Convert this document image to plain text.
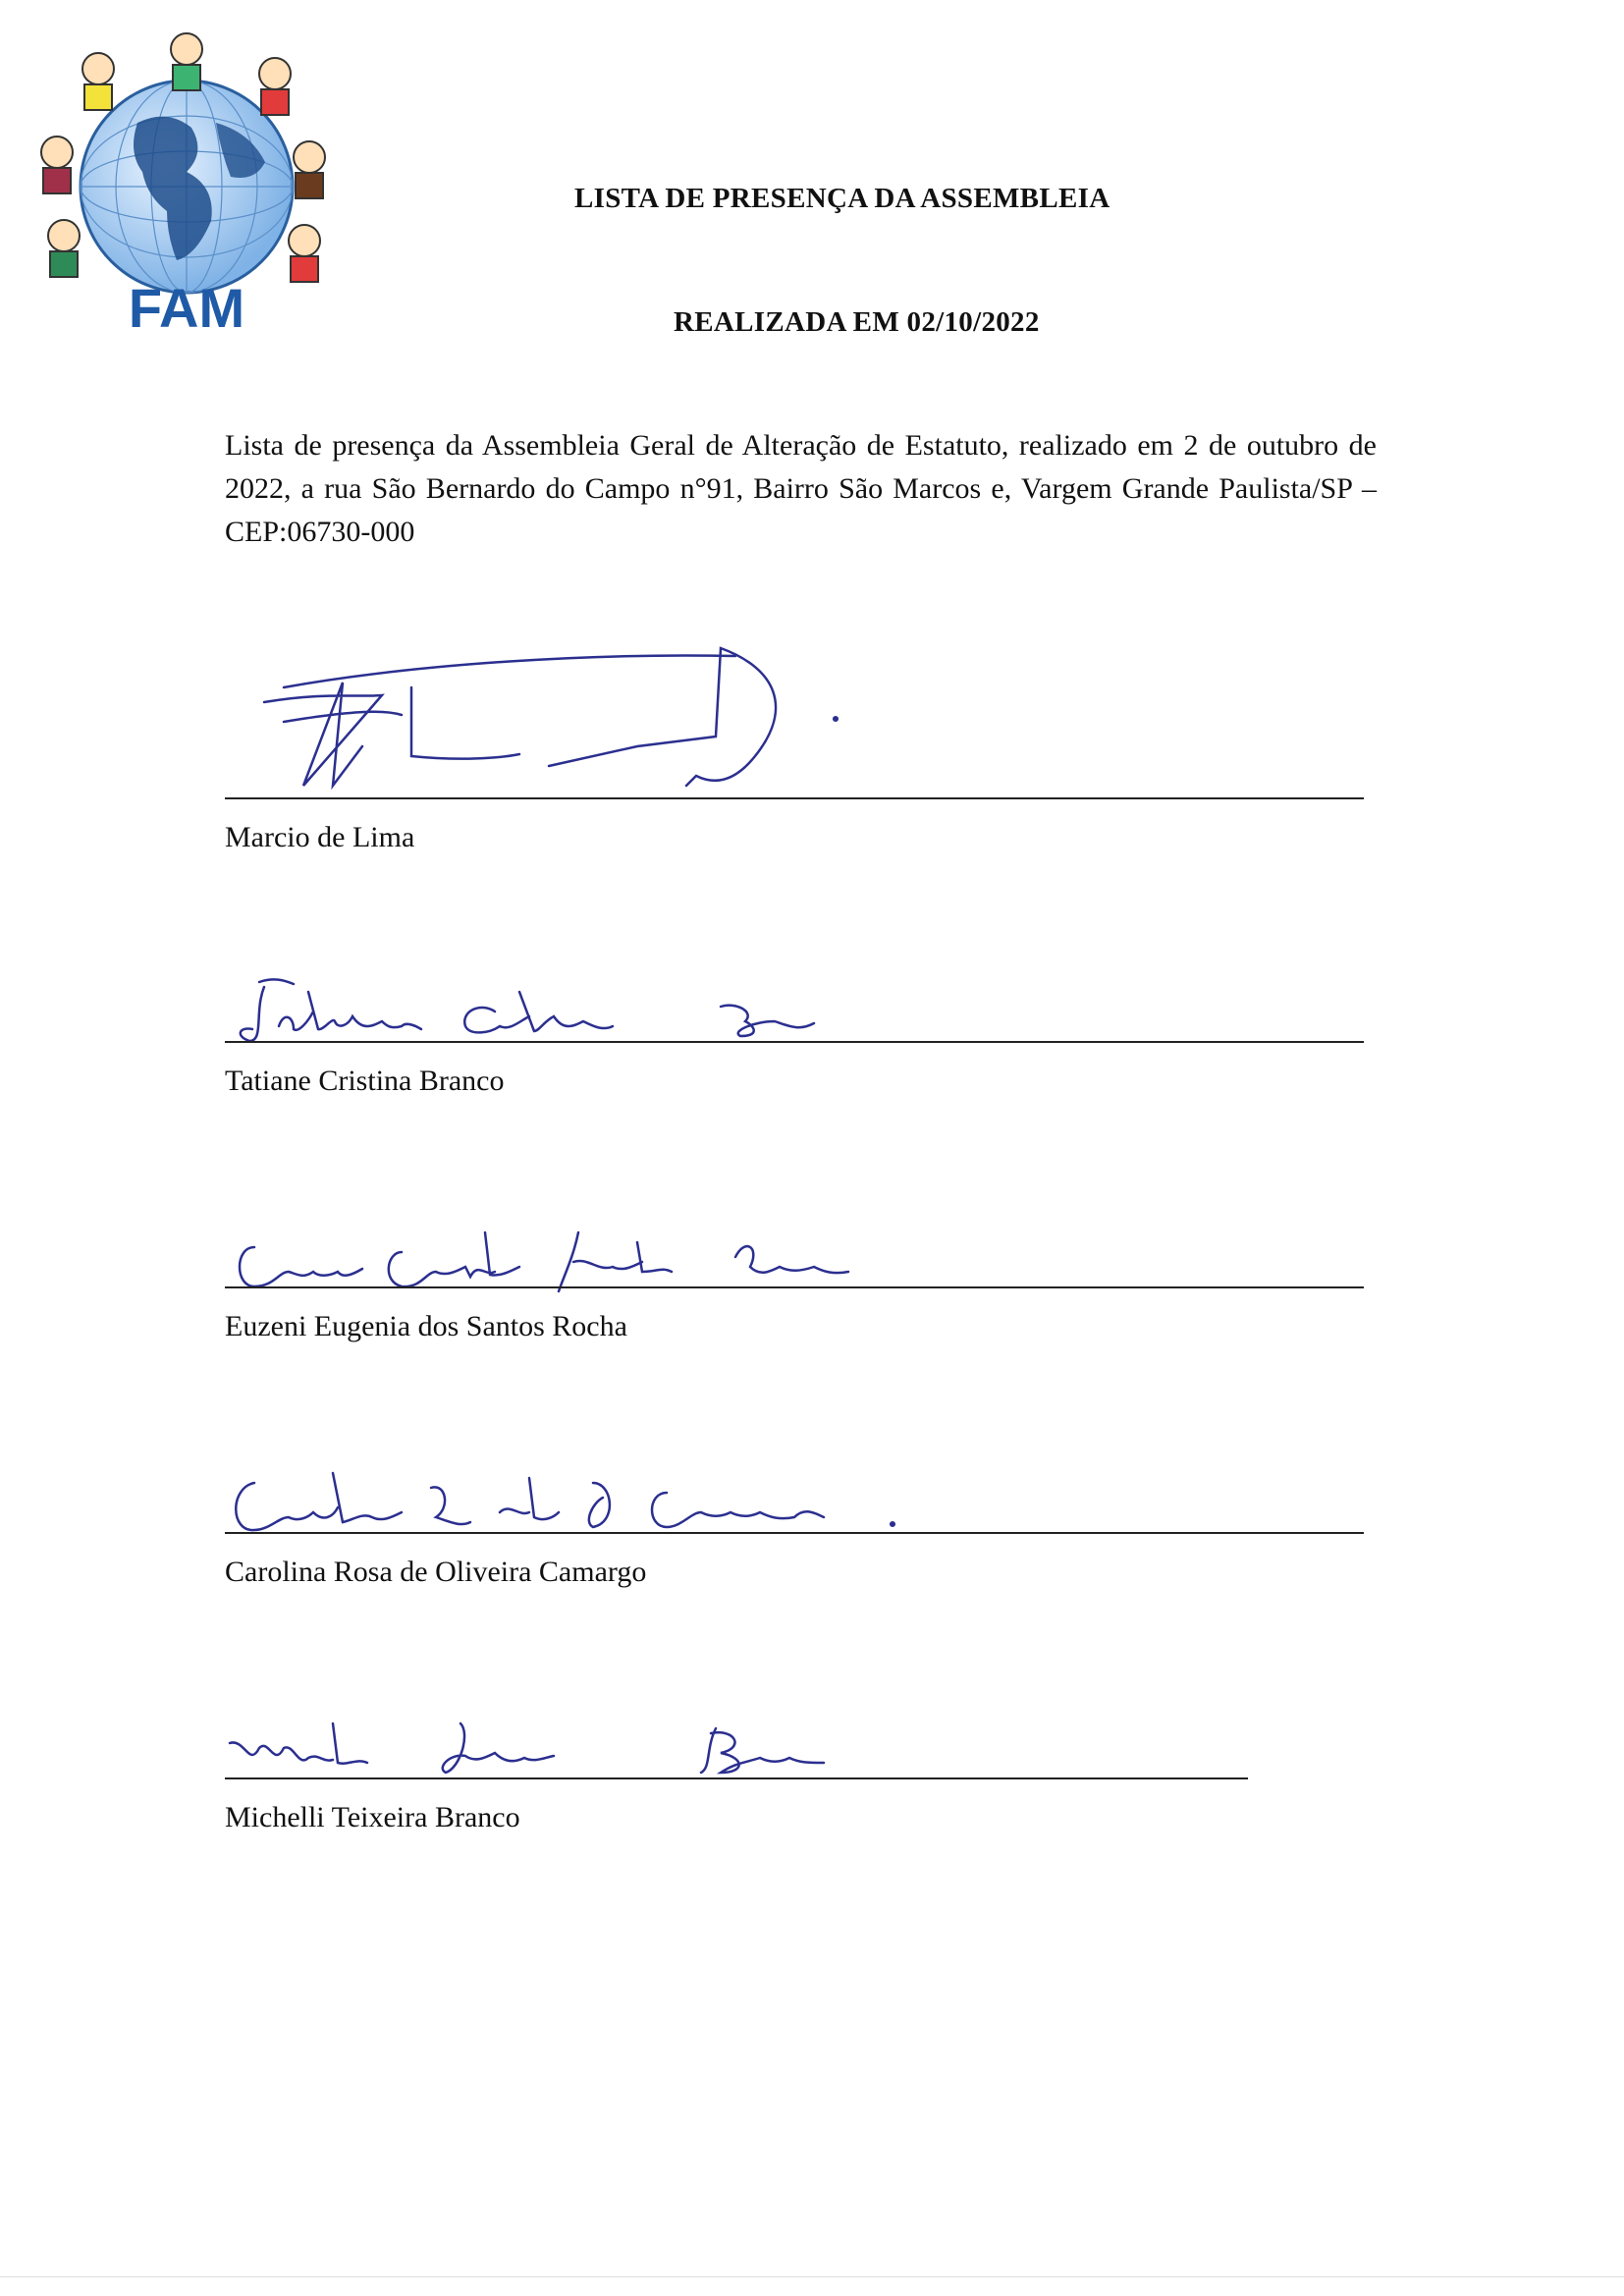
FAM
LISTA DE PRESENÇA DA ASSEMBLEIA
REALIZADA EM 02/10/2022
Lista de presença da Assembleia Geral de Alteração de Estatuto, realizado em 2 de outubro de 2022, a rua São Bernardo do Campo n°91, Bairro São Marcos e, Vargem Grande Paulista/SP – CEP:06730-000
Marcio de Lima
Tatiane Cristina Branco
Euzeni Eugenia dos Santos Rocha
Carolina Rosa de Oliveira Camargo
Michelli Teixeira Branco
